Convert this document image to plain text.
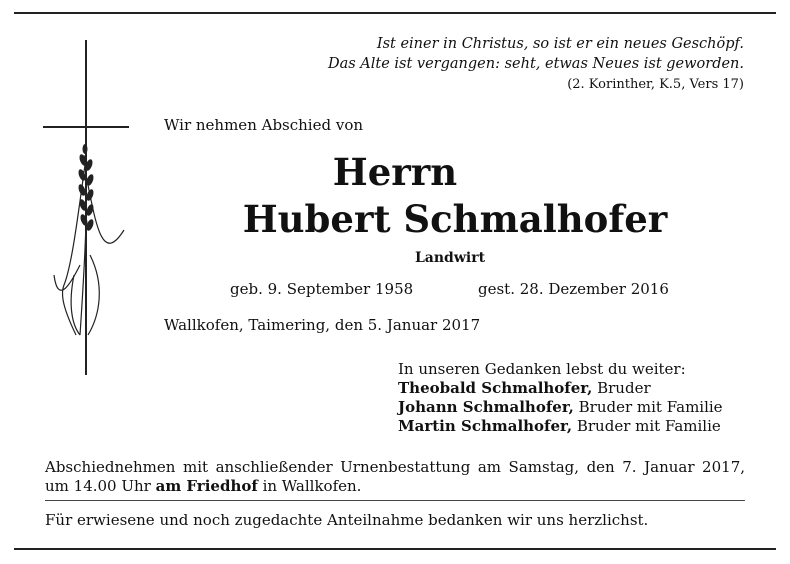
Ist einer in Christus, so ist er ein neues Geschöpf.
Das Alte ist vergangen: seht, etwas Neues ist geworden.
(2. Korinther, K.5, Vers 17)
Wir nehmen Abschied von
Herrn
Hubert Schmalhofer
Landwirt
geb. 9. September 1958	gest. 28. Dezember 2016
Wallkofen, Taimering, den 5. Januar 2017
In unseren Gedanken lebst du weiter:
Theobald Schmalhofer, Bruder
Johann Schmalhofer, Bruder mit Familie
Martin Schmalhofer, Bruder mit Familie
Abschiednehmen mit anschließender Urnenbestattung am Samstag, den 7. Januar 2017, um 14.00 Uhr am Friedhof in Wallkofen.
Für erwiesene und noch zugedachte Anteilnahme bedanken wir uns herzlichst.
